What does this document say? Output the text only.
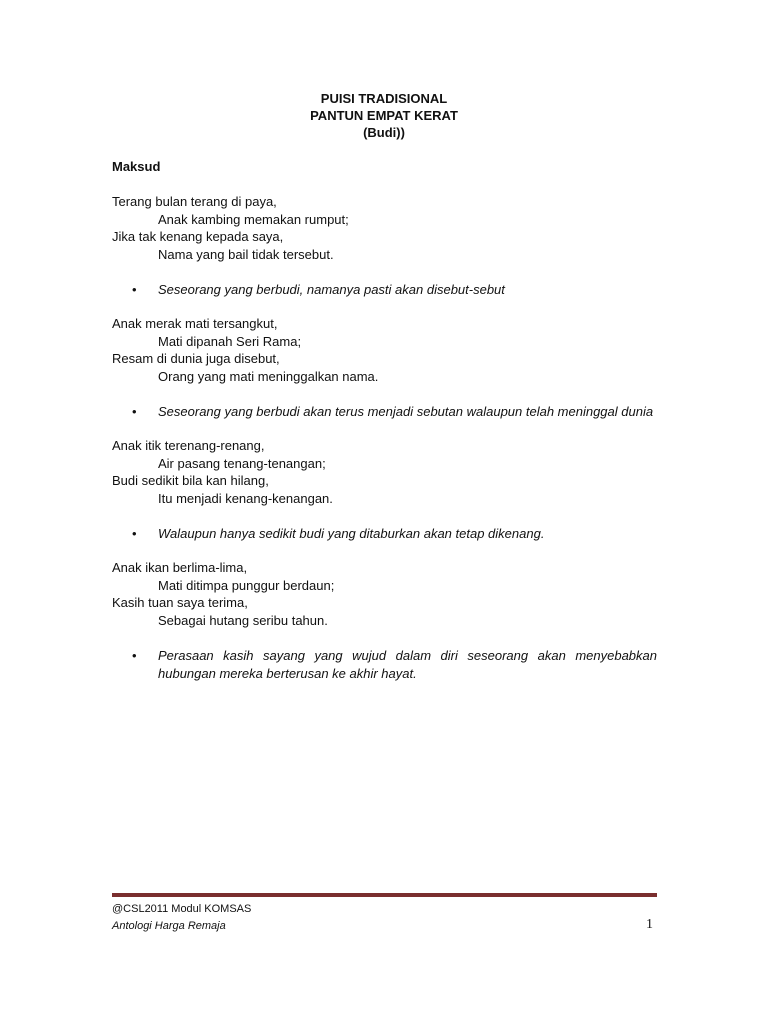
PUISI TRADISIONAL
PANTUN EMPAT KERAT
(Budi))
Maksud
Terang bulan terang di paya,
Anak kambing memakan rumput;
Jika tak kenang kepada saya,
Nama yang bail tidak tersebut.
• Seseorang yang berbudi, namanya pasti akan disebut-sebut
Anak merak mati tersangkut,
Mati dipanah Seri Rama;
Resam di dunia juga disebut,
Orang yang mati meninggalkan nama.
• Seseorang yang berbudi akan terus menjadi sebutan walaupun telah meninggal dunia
Anak itik terenang-renang,
Air pasang tenang-tenangan;
Budi sedikit bila kan hilang,
Itu menjadi kenang-kenangan.
• Walaupun hanya sedikit budi yang ditaburkan akan tetap dikenang.
Anak ikan berlima-lima,
Mati ditimpa punggur berdaun;
Kasih tuan saya terima,
Sebagai hutang seribu tahun.
• Perasaan kasih sayang yang wujud dalam diri seseorang akan menyebabkan hubungan mereka berterusan ke akhir hayat.
@CSL2011 Modul KOMSAS
Antologi Harga Remaja	1
